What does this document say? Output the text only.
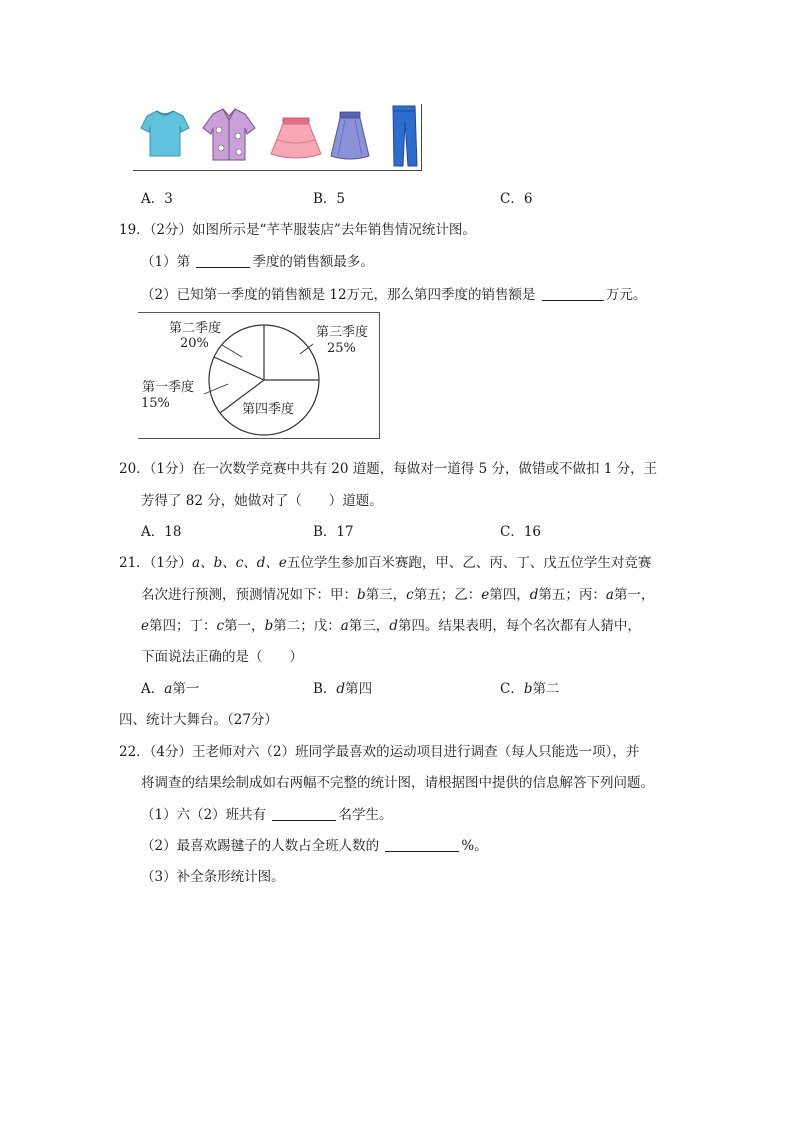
A．3	B．5	C．6
19．（2分）如图所示是“芊芊服装店”去年销售情况统计图。
（1）第	季度的销售额最多。
（2）已知第一季度的销售额是 12万元，那么第四季度的销售额是	万元。
第二季度
20%
第三季度
25%
第一季度
15%	第四季度
20．（1分）在一次数学竞赛中共有 20 道题，每做对一道得 5 分，做错或不做扣 1 分，王
芳得了 82 分，她做对了（　　）道题。
A．18	B．17	C．16
21．（1分）a、b、c、d、e五位学生参加百米赛跑，甲、乙、丙、丁、戊五位学生对竞赛
名次进行预测，预测情况如下：甲：b第三，c第五；乙：e第四，d第五；丙：a第一，
e第四；丁：c第一，b第二；戊：a第三，d第四。结果表明，每个名次都有人猜中，
下面说法正确的是（　　）
A．a第一	B．d第四	C．b第二
四、统计大舞台。（27分）
22．（4分）王老师对六（2）班同学最喜欢的运动项目进行调查（每人只能选一项），并
将调查的结果绘制成如右两幅不完整的统计图，请根据图中提供的信息解答下列问题。
（1）六（2）班共有	名学生。
（2）最喜欢踢毽子的人数占全班人数的	%。
（3）补全条形统计图。
